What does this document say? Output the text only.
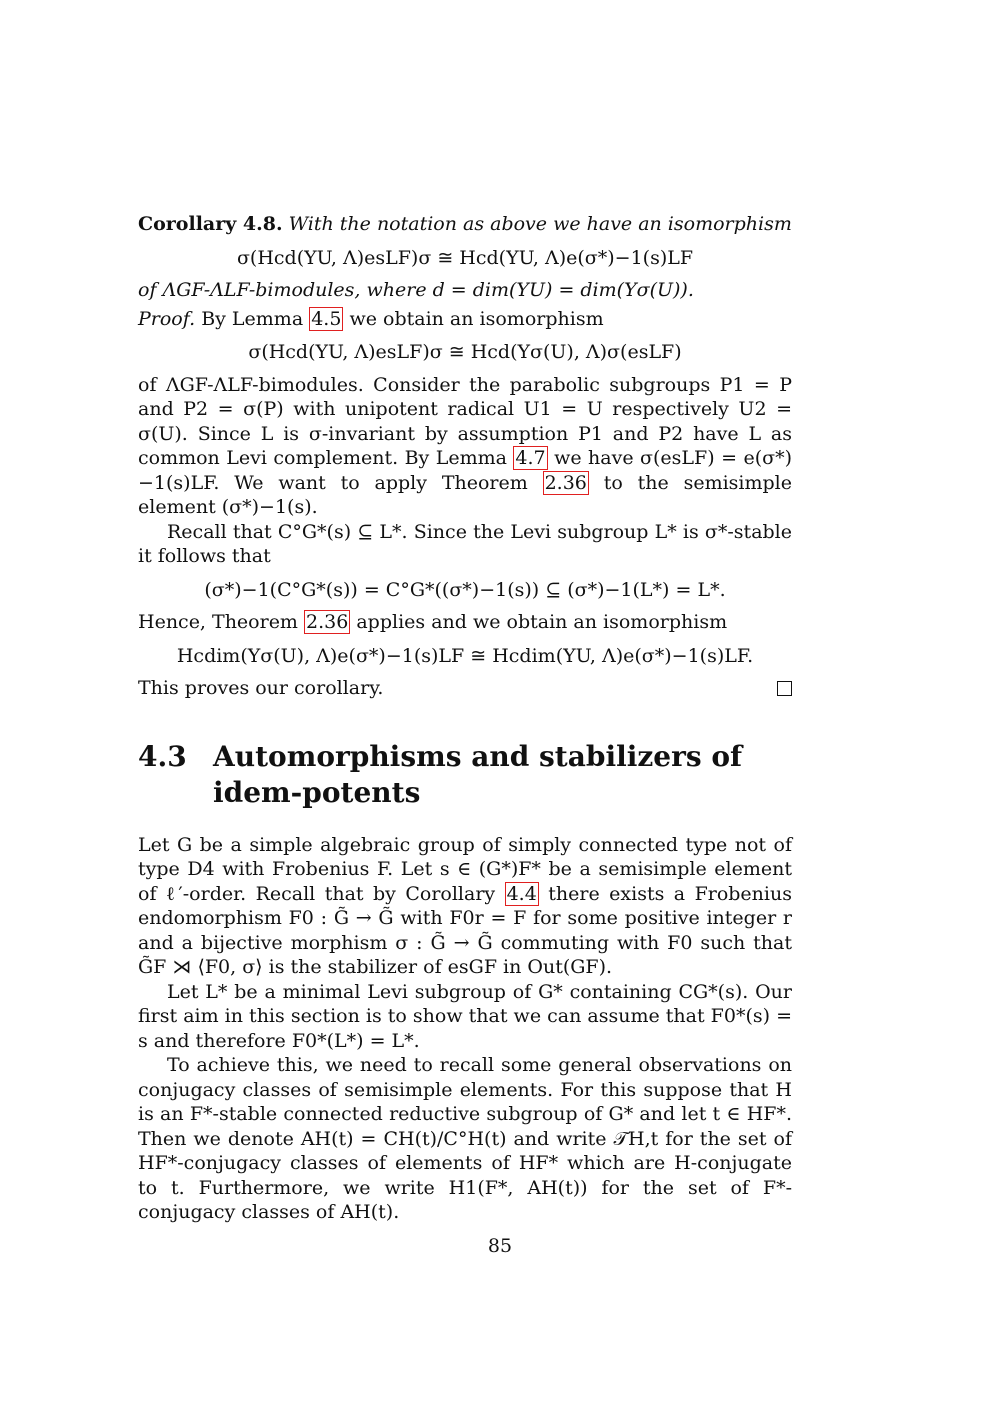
Corollary 4.8. With the notation as above we have an isomorphism

σ(Hcd(YU, Λ)esLF)σ ≅ Hcd(YU, Λ)e(σ*)−1(s)LF

of ΛGF-ΛLF-bimodules, where d = dim(YU) = dim(Yσ(U)).

Proof. By Lemma 4.5 we obtain an isomorphism

σ(Hcd(YU, Λ)esLF)σ ≅ Hcd(Yσ(U), Λ)σ(esLF)

of ΛGF-ΛLF-bimodules. Consider the parabolic subgroups P1 = P and P2 = σ(P) with unipotent radical U1 = U respectively U2 = σ(U). Since L is σ-invariant by assumption P1 and P2 have L as common Levi complement. By Lemma 4.7 we have σ(esLF) = e(σ*)−1(s)LF. We want to apply Theorem 2.36 to the semisimple element (σ*)−1(s).

Recall that C°G*(s) ⊆ L*. Since the Levi subgroup L* is σ*-stable it follows that

(σ*)−1(C°G*(s)) = C°G*((σ*)−1(s)) ⊆ (σ*)−1(L*) = L*.

Hence, Theorem 2.36 applies and we obtain an isomorphism

Hcdim(Yσ(U), Λ)e(σ*)−1(s)LF ≅ Hcdim(YU, Λ)e(σ*)−1(s)LF.

This proves our corollary.

4.3 Automorphisms and stabilizers of idem-potents

Let G be a simple algebraic group of simply connected type not of type D4 with Frobenius F. Let s ∈ (G*)F* be a semisimple element of ℓ′-order. Recall that by Corollary 4.4 there exists a Frobenius endomorphism F0 : G̃ → G̃ with F0r = F for some positive integer r and a bijective morphism σ : G̃ → G̃ commuting with F0 such that G̃F ⋊ ⟨F0, σ⟩ is the stabilizer of esGF in Out(GF).

Let L* be a minimal Levi subgroup of G* containing CG*(s). Our first aim in this section is to show that we can assume that F0*(s) = s and therefore F0*(L*) = L*.

To achieve this, we need to recall some general observations on conjugacy classes of semisimple elements. For this suppose that H is an F*-stable connected reductive subgroup of G* and let t ∈ HF*. Then we denote AH(t) = CH(t)/C°H(t) and write 𝒯H,t for the set of HF*-conjugacy classes of elements of HF* which are H-conjugate to t. Furthermore, we write H1(F*, AH(t)) for the set of F*-conjugacy classes of AH(t).

85
